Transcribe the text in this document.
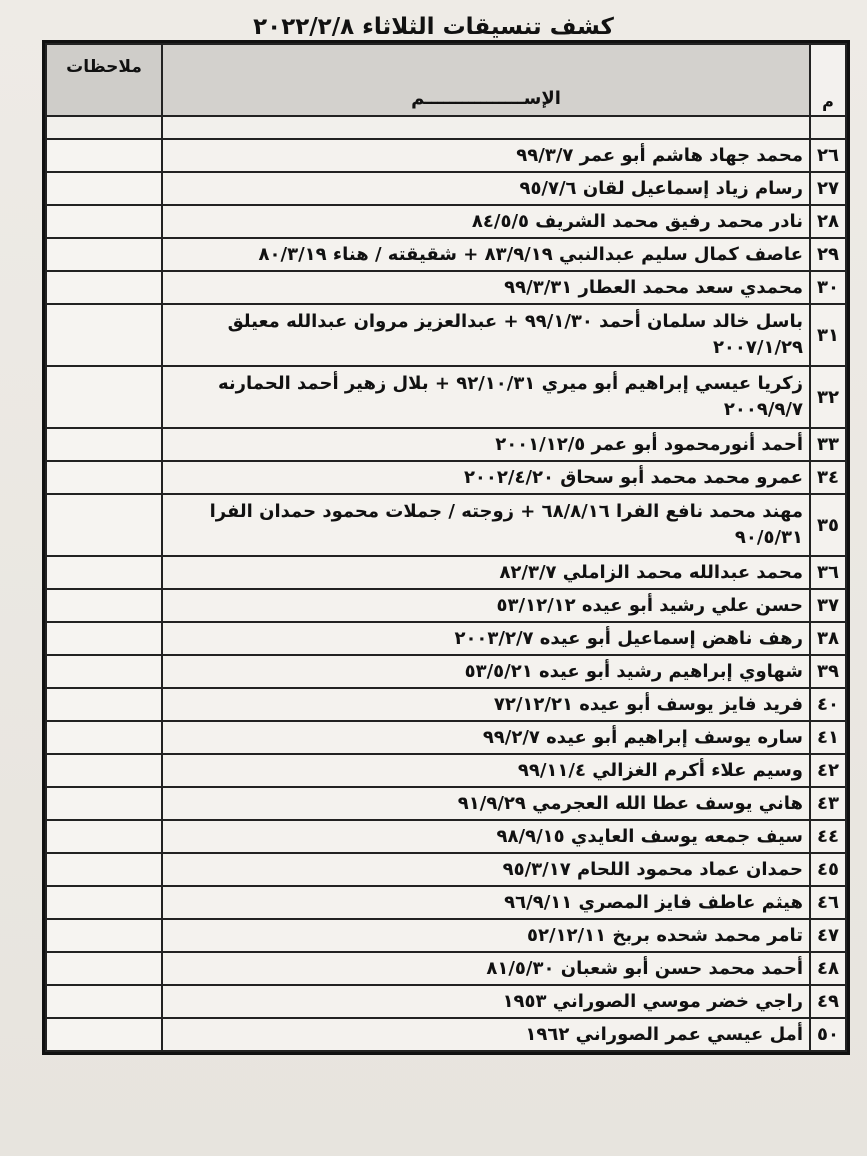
كشف تنسيقات الثلاثاء ٢٠٢٢/٢/٨
م	الإســــــــــــــــم	ملاحظات

٢٦	محمد جهاد هاشم أبو عمر ٩٩/٣/٧	
٢٧	رسام زياد إسماعيل لقان ٩٥/٧/٦	
٢٨	نادر محمد رفيق محمد الشريف ٨٤/٥/٥	
٢٩	عاصف كمال سليم عبدالنبي ٨٣/٩/١٩ + شقيقته / هناء ٨٠/٣/١٩	
٣٠	محمدي سعد محمد العطار ٩٩/٣/٣١	
٣١	باسل خالد سلمان أحمد ٩٩/١/٣٠ + عبدالعزيز مروان عبدالله معيلق ٢٠٠٧/١/٢٩	
٣٢	زكريا عيسي إبراهيم أبو ميري ٩٢/١٠/٣١ + بلال زهير أحمد الحمارنه ٢٠٠٩/٩/٧	
٣٣	أحمد أنورمحمود أبو عمر ٢٠٠١/١٢/٥	
٣٤	عمرو محمد محمد أبو سحاق ٢٠٠٢/٤/٢٠	
٣٥	مهند محمد نافع الفرا ٦٨/٨/١٦ + زوجته / جملات محمود حمدان الفرا ٩٠/٥/٣١	
٣٦	محمد عبدالله محمد الزاملي ٨٢/٣/٧	
٣٧	حسن علي رشيد أبو عيده ٥٣/١٢/١٢	
٣٨	رهف ناهض إسماعيل أبو عيده ٢٠٠٣/٢/٧	
٣٩	شهاوي إبراهيم رشيد أبو عيده ٥٣/٥/٢١	
٤٠	فريد فايز يوسف أبو عيده ٧٢/١٢/٢١	
٤١	ساره يوسف إبراهيم أبو عيده ٩٩/٢/٧	
٤٢	وسيم علاء أكرم الغزالي ٩٩/١١/٤	
٤٣	هاني يوسف عطا الله العجرمي ٩١/٩/٢٩	
٤٤	سيف جمعه يوسف العايدي ٩٨/٩/١٥	
٤٥	حمدان عماد محمود اللحام ٩٥/٣/١٧	
٤٦	هيثم عاطف فايز المصري ٩٦/٩/١١	
٤٧	تامر محمد شحده بربخ ٥٢/١٢/١١	
٤٨	أحمد محمد حسن أبو شعبان ٨١/٥/٣٠	
٤٩	راجي خضر موسي الصوراني ١٩٥٣	
٥٠	أمل عيسي عمر الصوراني ١٩٦٢	
